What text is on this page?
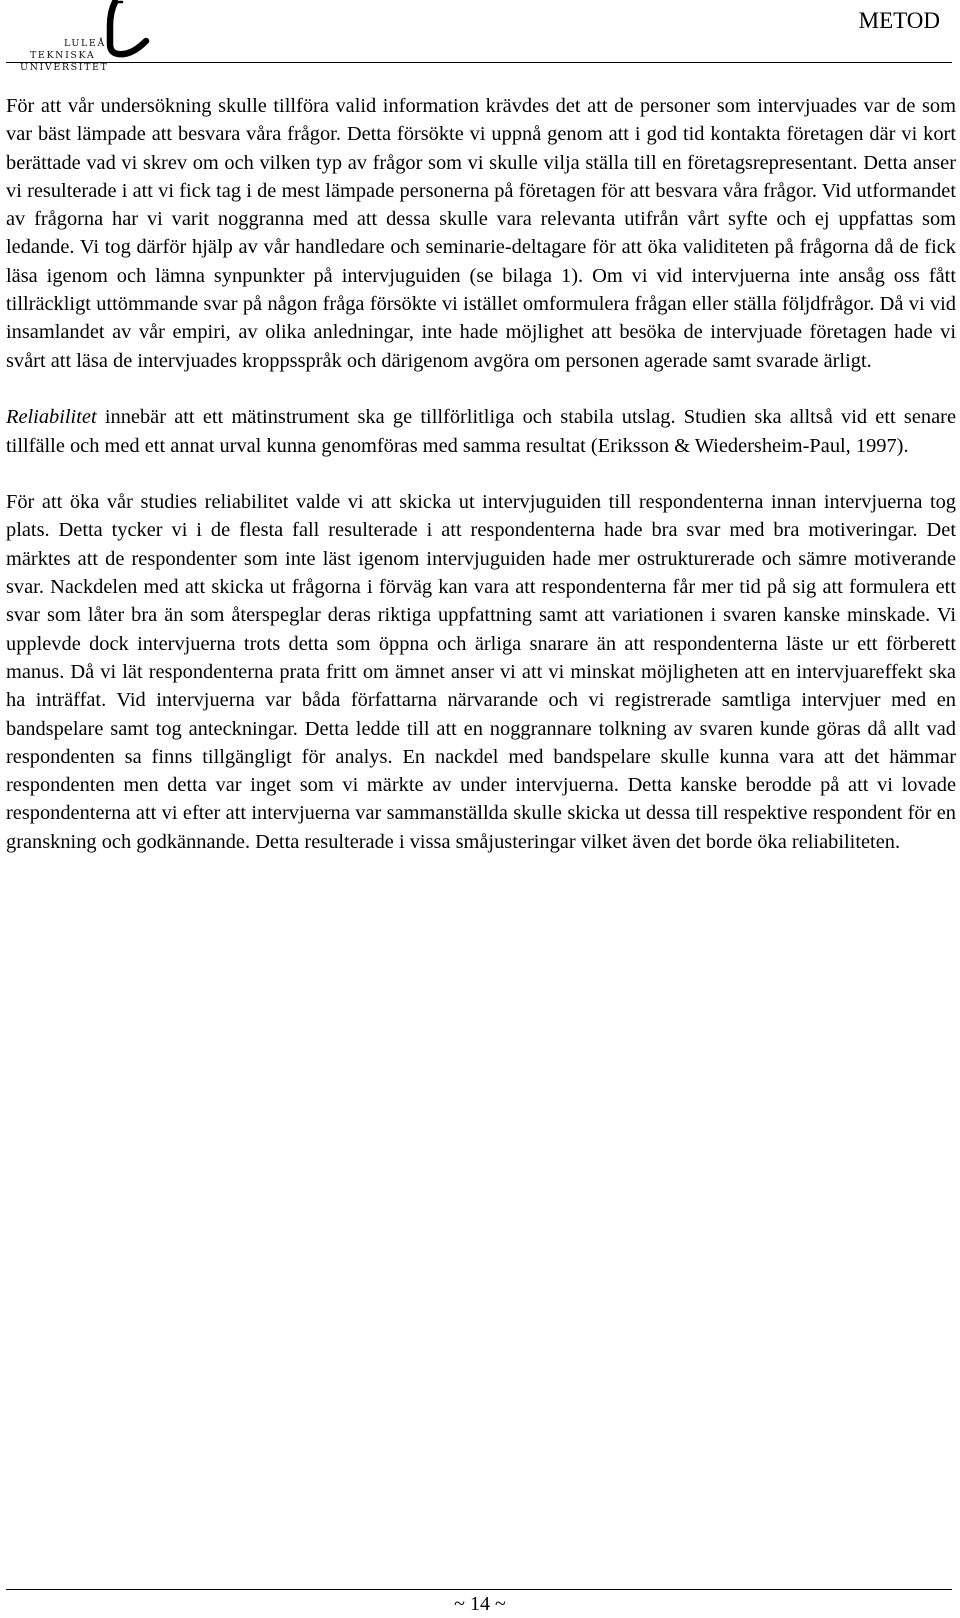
LULEÅ
TEKNISKA
UNIVERSITET
METOD

För att vår undersökning skulle tillföra valid information krävdes det att de personer som intervjuades var de som var bäst lämpade att besvara våra frågor. Detta försökte vi uppnå genom att i god tid kontakta företagen där vi kort berättade vad vi skrev om och vilken typ av frågor som vi skulle vilja ställa till en företagsrepresentant. Detta anser vi resulterade i att vi fick tag i de mest lämpade personerna på företagen för att besvara våra frågor. Vid utformandet av frågorna har vi varit noggranna med att dessa skulle vara relevanta utifrån vårt syfte och ej uppfattas som ledande. Vi tog därför hjälp av vår handledare och seminarie-deltagare för att öka validiteten på frågorna då de fick läsa igenom och lämna synpunkter på intervjuguiden (se bilaga 1). Om vi vid intervjuerna inte ansåg oss fått tillräckligt uttömmande svar på någon fråga försökte vi istället omformulera frågan eller ställa följdfrågor. Då vi vid insamlandet av vår empiri, av olika anledningar, inte hade möjlighet att besöka de intervjuade företagen hade vi svårt att läsa de intervjuades kroppsspråk och därigenom avgöra om personen agerade samt svarade ärligt.

Reliabilitet innebär att ett mätinstrument ska ge tillförlitliga och stabila utslag. Studien ska alltså vid ett senare tillfälle och med ett annat urval kunna genomföras med samma resultat (Eriksson & Wiedersheim-Paul, 1997).

För att öka vår studies reliabilitet valde vi att skicka ut intervjuguiden till respondenterna innan intervjuerna tog plats. Detta tycker vi i de flesta fall resulterade i att respondenterna hade bra svar med bra motiveringar. Det märktes att de respondenter som inte läst igenom intervjuguiden hade mer ostrukturerade och sämre motiverande svar. Nackdelen med att skicka ut frågorna i förväg kan vara att respondenterna får mer tid på sig att formulera ett svar som låter bra än som återspeglar deras riktiga uppfattning samt att variationen i svaren kanske minskade. Vi upplevde dock intervjuerna trots detta som öppna och ärliga snarare än att respondenterna läste ur ett förberett manus. Då vi lät respondenterna prata fritt om ämnet anser vi att vi minskat möjligheten att en intervjuareffekt ska ha inträffat. Vid intervjuerna var båda författarna närvarande och vi registrerade samtliga intervjuer med en bandspelare samt tog anteckningar. Detta ledde till att en noggrannare tolkning av svaren kunde göras då allt vad respondenten sa finns tillgängligt för analys. En nackdel med bandspelare skulle kunna vara att det hämmar respondenten men detta var inget som vi märkte av under intervjuerna. Detta kanske berodde på att vi lovade respondenterna att vi efter att intervjuerna var sammanställda skulle skicka ut dessa till respektive respondent för en granskning och godkännande. Detta resulterade i vissa småjusteringar vilket även det borde öka reliabiliteten.

~ 14 ~
